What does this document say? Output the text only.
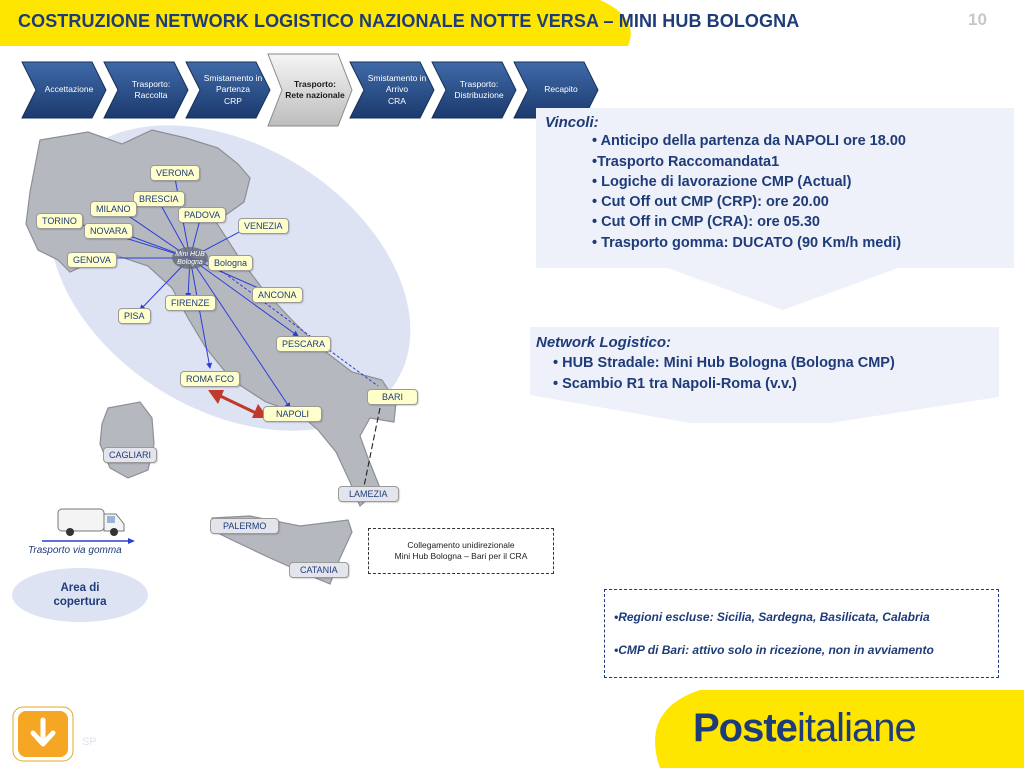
COSTRUZIONE NETWORK LOGISTICO NAZIONALE NOTTE VERSA – MINI HUB BOLOGNA	10
Accettazione
Trasporto:
Raccolta
Smistamento in
Partenza
CRP
Trasporto:
Rete nazionale
Smistamento in
Arrivo
CRA
Trasporto:
Distribuzione
Recapito
Mini HUB Bologna
VERONA
BRESCIA
MILANO
PADOVA
TORINO	VENEZIA
NOVARA
GENOVA	Bologna
ANCONA
FIRENZE
PISA
PESCARA
ROMA FCO
BARI
NAPOLI
CAGLIARI
LAMEZIA
PALERMO
CATANIA
Vincoli:
• Anticipo della partenza da NAPOLI ore 18.00
•Trasporto Raccomandata1
• Logiche di lavorazione CMP (Actual)
• Cut Off out CMP (CRP): ore 20.00
• Cut Off in CMP (CRA): ore 05.30
• Trasporto gomma: DUCATO (90 Km/h medi)
Network Logistico:
• HUB Stradale: Mini Hub Bologna (Bologna CMP)
• Scambio R1 tra Napoli-Roma (v.v.)
Collegamento unidirezionale
Mini Hub Bologna – Bari per il CRA
•Regioni escluse: Sicilia, Sardegna, Basilicata, Calabria
•CMP di Bari: attivo solo in ricezione, non in avviamento
Trasporto via gomma
Area di
copertura
SP	Posteitaliane
